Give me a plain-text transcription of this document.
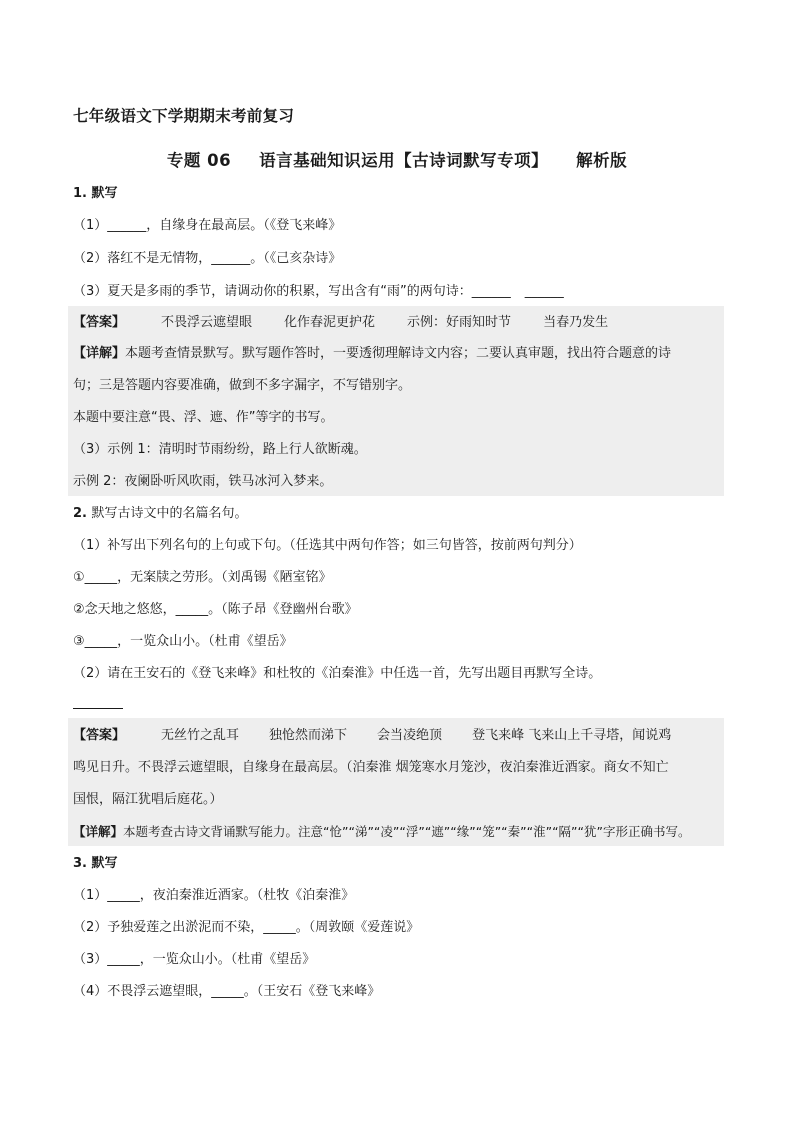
七年级语文下学期期末考前复习
专题 06 语言基础知识运用【古诗词默写专项】 解析版
1. 默写
（1）______，自缘身在最高层。（《登飞来峰》
（2）落红不是无情物，______。（《己亥杂诗》
（3）夏天是多雨的季节，请调动你的积累，写出含有“雨”的两句诗：______ ______
【答案】	不畏浮云遮望眼 化作春泥更护花 示例：好雨知时节 当春乃发生
【详解】本题考查情景默写。默写题作答时，一要透彻理解诗文内容；二要认真审题，找出符合题意的诗
句；三是答题内容要准确，做到不多字漏字，不写错别字。
本题中要注意“畏、浮、遮、作”等字的书写。
（3）示例 1：清明时节雨纷纷，路上行人欲断魂。
示例 2：夜阑卧听风吹雨，铁马冰河入梦来。
2. 默写古诗文中的名篇名句。
（1）补写出下列名句的上句或下句。（任选其中两句作答；如三句皆答，按前两句判分）
①_____，无案牍之劳形。（刘禹锡《陋室铭》
②念天地之悠悠，_____。（陈子昂《登幽州台歌》
③_____，一览众山小。（杜甫《望岳》
（2）请在王安石的《登飞来峰》和杜牧的《泊秦淮》中任选一首，先写出题目再默写全诗。
【答案】	无丝竹之乱耳 独怆然而涕下 会当凌绝顶 登飞来峰 飞来山上千寻塔，闻说鸡
鸣见日升。不畏浮云遮望眼，自缘身在最高层。（泊秦淮 烟笼寒水月笼沙，夜泊秦淮近酒家。商女不知亡
国恨，隔江犹唱后庭花。）
【详解】本题考查古诗文背诵默写能力。注意“怆”“涕”“凌”“浮”“遮”“缘”“笼”“秦”“淮”“隔”“犹”字形正确书写。
3. 默写
（1）_____，夜泊秦淮近酒家。（杜牧《泊秦淮》
（2）予独爱莲之出淤泥而不染，_____。（周敦颐《爱莲说》
（3）_____，一览众山小。（杜甫《望岳》
（4）不畏浮云遮望眼，_____。（王安石《登飞来峰》
